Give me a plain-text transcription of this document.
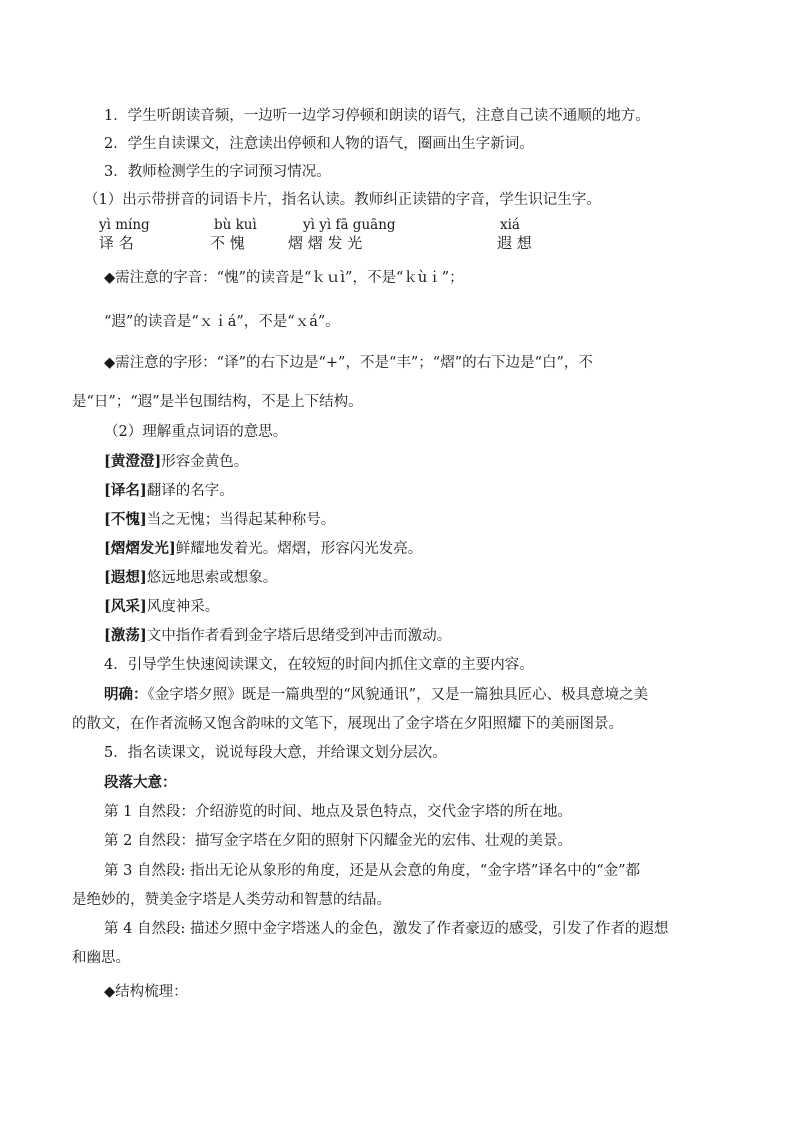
1．学生听朗读音频，一边听一边学习停顿和朗读的语气，注意自己读不通顺的地方。
2．学生自读课文，注意读出停顿和人物的语气，圈画出生字新词。
3．教师检测学生的字词预习情况。
（1）出示带拼音的词语卡片，指名认读。教师纠正读错的字音，学生识记生字。
yì míng
译 名
bù kuì
不 愧
yì yì fā guāng
熠 熠 发 光
xiá
遐 想
◆需注意的字音：“愧”的读音是“ｋｕì”，不是“ｋùｉ”；
“遐”的读音是“ｘｉá”，不是“ｘá”。
◆需注意的字形：“译”的右下边是“+”，不是“丰”；“熠”的右下边是“白”，不
是“日”；“遐”是半包围结构，不是上下结构。
（2）理解重点词语的意思。
[黄澄澄]形容金黄色。
[译名]翻译的名字。
[不愧]当之无愧；当得起某种称号。
[熠熠发光]鲜耀地发着光。熠熠，形容闪光发亮。
[遐想]悠远地思索或想象。
[风采]风度神采。
[激荡]文中指作者看到金字塔后思绪受到冲击而激动。
4．引导学生快速阅读课文，在较短的时间内抓住文章的主要内容。
明确：《金字塔夕照》既是一篇典型的“风貌通讯”，又是一篇独具匠心、极具意境之美
的散文，在作者流畅又饱含韵味的文笔下，展现出了金字塔在夕阳照耀下的美丽图景。
5．指名读课文，说说每段大意，并给课文划分层次。
段落大意：
第 1 自然段：介绍游览的时间、地点及景色特点，交代金字塔的所在地。
第 2 自然段：描写金字塔在夕阳的照射下闪耀金光的宏伟、壮观的美景。
第 3 自然段: 指出无论从象形的角度，还是从会意的角度，“金字塔”译名中的“金”都
是绝妙的，赞美金字塔是人类劳动和智慧的结晶。
第 4 自然段: 描述夕照中金字塔迷人的金色，激发了作者豪迈的感受，引发了作者的遐想
和幽思。
◆结构梳理：
